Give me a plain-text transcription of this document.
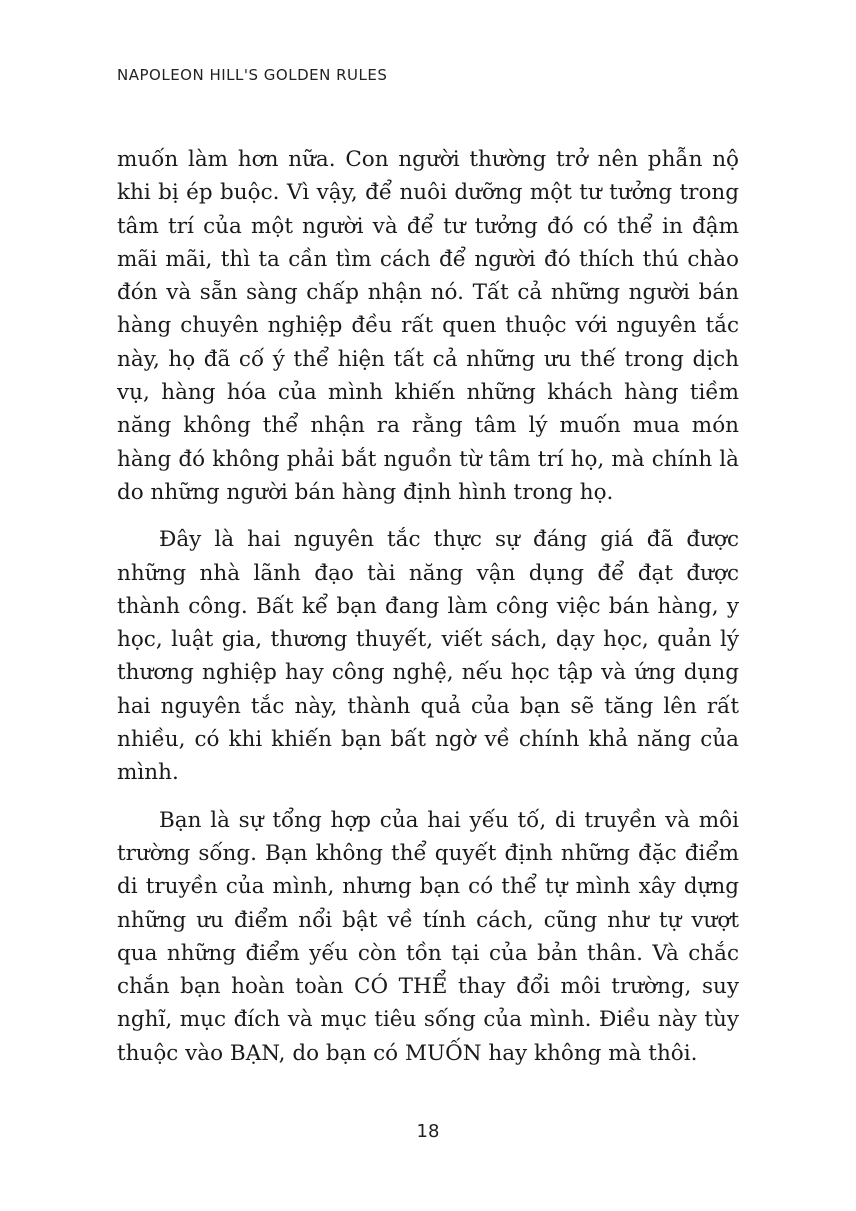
NAPOLEON HILL'S GOLDEN RULES

muốn làm hơn nữa. Con người thường trở nên phẫn nộ khi bị ép buộc. Vì vậy, để nuôi dưỡng một tư tưởng trong tâm trí của một người và để tư tưởng đó có thể in đậm mãi mãi, thì ta cần tìm cách để người đó thích thú chào đón và sẵn sàng chấp nhận nó. Tất cả những người bán hàng chuyên nghiệp đều rất quen thuộc với nguyên tắc này, họ đã cố ý thể hiện tất cả những ưu thế trong dịch vụ, hàng hóa của mình khiến những khách hàng tiềm năng không thể nhận ra rằng tâm lý muốn mua món hàng đó không phải bắt nguồn từ tâm trí họ, mà chính là do những người bán hàng định hình trong họ.

Đây là hai nguyên tắc thực sự đáng giá đã được những nhà lãnh đạo tài năng vận dụng để đạt được thành công. Bất kể bạn đang làm công việc bán hàng, y học, luật gia, thương thuyết, viết sách, dạy học, quản lý thương nghiệp hay công nghệ, nếu học tập và ứng dụng hai nguyên tắc này, thành quả của bạn sẽ tăng lên rất nhiều, có khi khiến bạn bất ngờ về chính khả năng của mình.

Bạn là sự tổng hợp của hai yếu tố, di truyền và môi trường sống. Bạn không thể quyết định những đặc điểm di truyền của mình, nhưng bạn có thể tự mình xây dựng những ưu điểm nổi bật về tính cách, cũng như tự vượt qua những điểm yếu còn tồn tại của bản thân. Và chắc chắn bạn hoàn toàn CÓ THỂ thay đổi môi trường, suy nghĩ, mục đích và mục tiêu sống của mình. Điều này tùy thuộc vào BẠN, do bạn có MUỐN hay không mà thôi.

18
